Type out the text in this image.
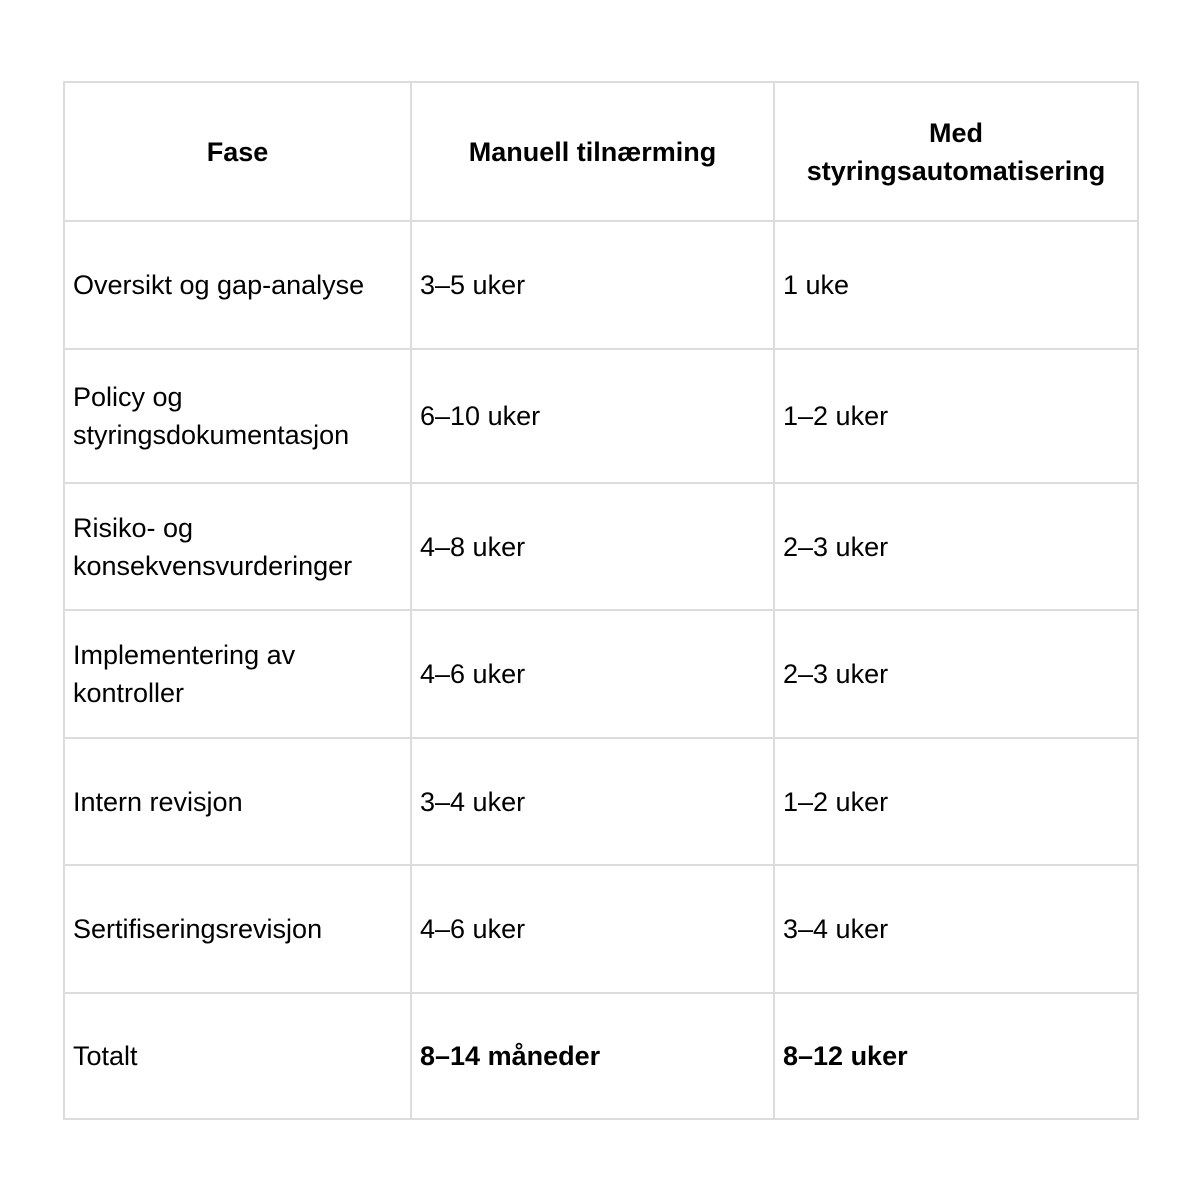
Fase	Manuell tilnærming	Med styringsautomatisering
Oversikt og gap-analyse	3–5 uker	1 uke
Policy og styringsdokumentasjon	6–10 uker	1–2 uker
Risiko- og konsekvensvurderinger	4–8 uker	2–3 uker
Implementering av kontroller	4–6 uker	2–3 uker
Intern revisjon	3–4 uker	1–2 uker
Sertifiseringsrevisjon	4–6 uker	3–4 uker
Totalt	8–14 måneder	8–12 uker
